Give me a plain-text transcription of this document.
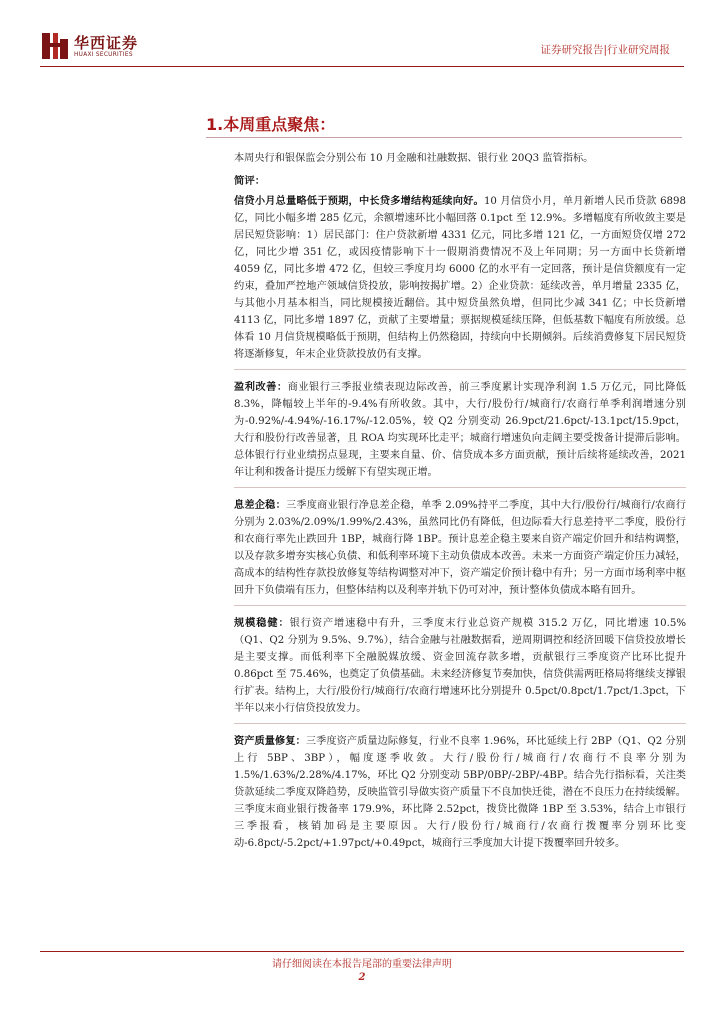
华西证券
HUAXI SECURITIES	证券研究报告|行业研究周报
1.本周重点聚焦：

本周央行和银保监会分别公布 10 月金融和社融数据、银行业 20Q3 监管指标。

简评：

信贷小月总量略低于预期，中长贷多增结构延续向好。10 月信贷小月，单月新增人民币贷款 6898 亿，同比小幅多增 285 亿元，余额增速环比小幅回落 0.1pct 至 12.9%。多增幅度有所收敛主要是居民短贷影响：1）居民部门：住户贷款新增 4331 亿元，同比多增 121 亿，一方面短贷仅增 272 亿，同比少增 351 亿，或因疫情影响下十一假期消费情况不及上年同期；另一方面中长贷新增 4059 亿，同比多增 472 亿，但较三季度月均 6000 亿的水平有一定回落，预计是信贷额度有一定约束，叠加严控地产领域信贷投放，影响按揭扩增。2）企业贷款：延续改善，单月增量 2335 亿，与其他小月基本相当，同比规模接近翻倍。其中短贷虽然负增，但同比少减 341 亿；中长贷新增 4113 亿，同比多增 1897 亿，贡献了主要增量；票据规模延续压降，但低基数下幅度有所放缓。总体看 10 月信贷规模略低于预期，但结构上仍然稳固，持续向中长期倾斜。后续消费修复下居民短贷将逐渐修复，年末企业贷款投放仍有支撑。

盈利改善：商业银行三季报业绩表现边际改善，前三季度累计实现净利润 1.5 万亿元，同比降低 8.3%，降幅较上半年的-9.4%有所收敛。其中，大行/股份行/城商行/农商行单季利润增速分别为-0.92%/-4.94%/-16.17%/-12.05%，较 Q2 分别变动 26.9pct/21.6pct/-13.1pct/15.9pct，大行和股份行改善显著，且 ROA 均实现环比走平；城商行增速负向走阔主要受拨备计提滞后影响。总体银行行业业绩拐点显现，主要来自量、价、信贷成本多方面贡献，预计后续将延续改善，2021 年让利和拨备计提压力缓解下有望实现正增。

息差企稳：三季度商业银行净息差企稳，单季 2.09%持平二季度，其中大行/股份行/城商行/农商行分别为 2.03%/2.09%/1.99%/2.43%，虽然同比仍有降低，但边际看大行息差持平二季度，股份行和农商行率先止跌回升 1BP，城商行降 1BP。预计息差企稳主要来自资产端定价回升和结构调整，以及存款多增夯实核心负债、和低利率环境下主动负债成本改善。未来一方面资产端定价压力减轻，高成本的结构性存款投放修复等结构调整对冲下，资产端定价预计稳中有升；另一方面市场利率中枢回升下负债端有压力，但整体结构以及利率并轨下仍可对冲，预计整体负债成本略有回升。

规模稳健：银行资产增速稳中有升，三季度末行业总资产规模 315.2 万亿，同比增速 10.5%（Q1、Q2 分别为 9.5%、9.7%），结合金融与社融数据看，逆周期调控和经济回暖下信贷投放增长是主要支撑。而低利率下全融脱媒放缓、资金回流存款多增，贡献银行三季度资产比环比提升 0.86pct 至 75.46%，也奠定了负债基础。未来经济修复节奏加快，信贷供需两旺格局将继续支撑银行扩表。结构上，大行/股份行/城商行/农商行增速环比分别提升 0.5pct/0.8pct/1.7pct/1.3pct，下半年以来小行信贷投放发力。

资产质量修复：三季度资产质量边际修复，行业不良率 1.96%，环比延续上行 2BP（Q1、Q2 分别上行 5BP、3BP），幅度逐季收敛。大行/股份行/城商行/农商行不良率分别为 1.5%/1.63%/2.28%/4.17%，环比 Q2 分别变动 5BP/0BP/-2BP/-4BP。结合先行指标看，关注类贷款延续二季度双降趋势，反映监管引导做实资产质量下不良加快迁徙，潜在不良压力在持续缓解。三季度末商业银行拨备率 179.9%，环比降 2.52pct，拨贷比微降 1BP 至 3.53%，结合上市银行三季报看，核销加码是主要原因。大行/股份行/城商行/农商行拨覆率分别环比变动-6.8pct/-5.2pct/+1.97pct/+0.49pct，城商行三季度加大计提下拨覆率回升较多。

请仔细阅读在本报告尾部的重要法律声明
2
